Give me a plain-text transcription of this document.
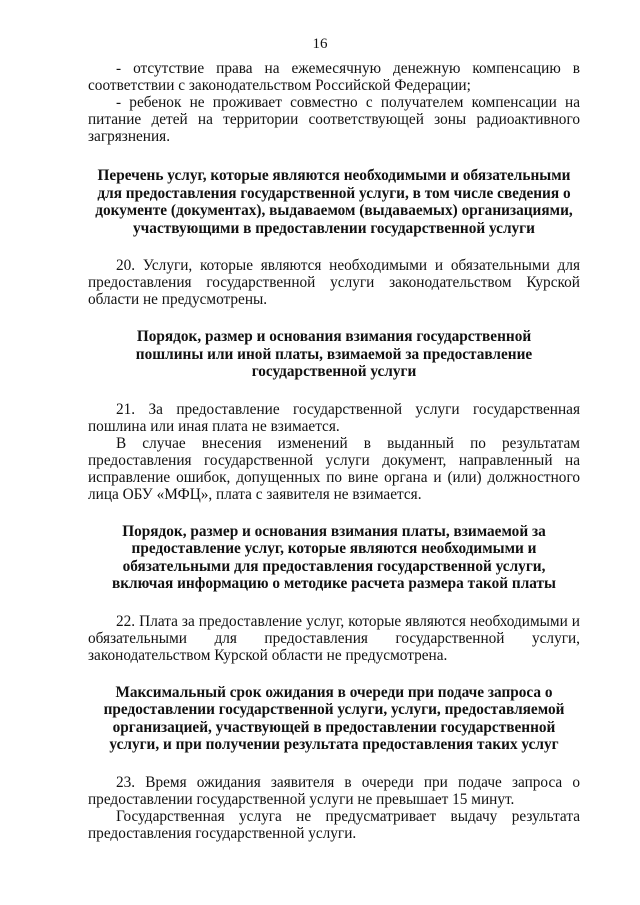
16

- отсутствие права на ежемесячную денежную компенсацию в соответствии с законодательством Российской Федерации;

- ребенок не проживает совместно с получателем компенсации на питание детей на территории соответствующей зоны радиоактивного загрязнения.

Перечень услуг, которые являются необходимыми и обязательными для предоставления государственной услуги, в том числе сведения о документе (документах), выдаваемом (выдаваемых) организациями, участвующими в предоставлении государственной услуги

20. Услуги, которые являются необходимыми и обязательными для предоставления государственной услуги законодательством Курской области не предусмотрены.

Порядок, размер и основания взимания государственной пошлины или иной платы, взимаемой за предоставление государственной услуги

21. За предоставление государственной услуги государственная пошлина или иная плата не взимается.

В случае внесения изменений в выданный по результатам предоставления государственной услуги документ, направленный на исправление ошибок, допущенных по вине органа и (или) должностного лица ОБУ «МФЦ», плата с заявителя не взимается.

Порядок, размер и основания взимания платы, взимаемой за предоставление услуг, которые являются необходимыми и обязательными для предоставления государственной услуги, включая информацию о методике расчета размера такой платы

22. Плата за предоставление услуг, которые являются необходимыми и обязательными для предоставления государственной услуги, законодательством Курской области не предусмотрена.

Максимальный срок ожидания в очереди при подаче запроса о предоставлении государственной услуги, услуги, предоставляемой организацией, участвующей в предоставлении государственной услуги, и при получении результата предоставления таких услуг

23. Время ожидания заявителя в очереди при подаче запроса о предоставлении государственной услуги не превышает 15 минут.

Государственная услуга не предусматривает выдачу результата предоставления государственной услуги.
